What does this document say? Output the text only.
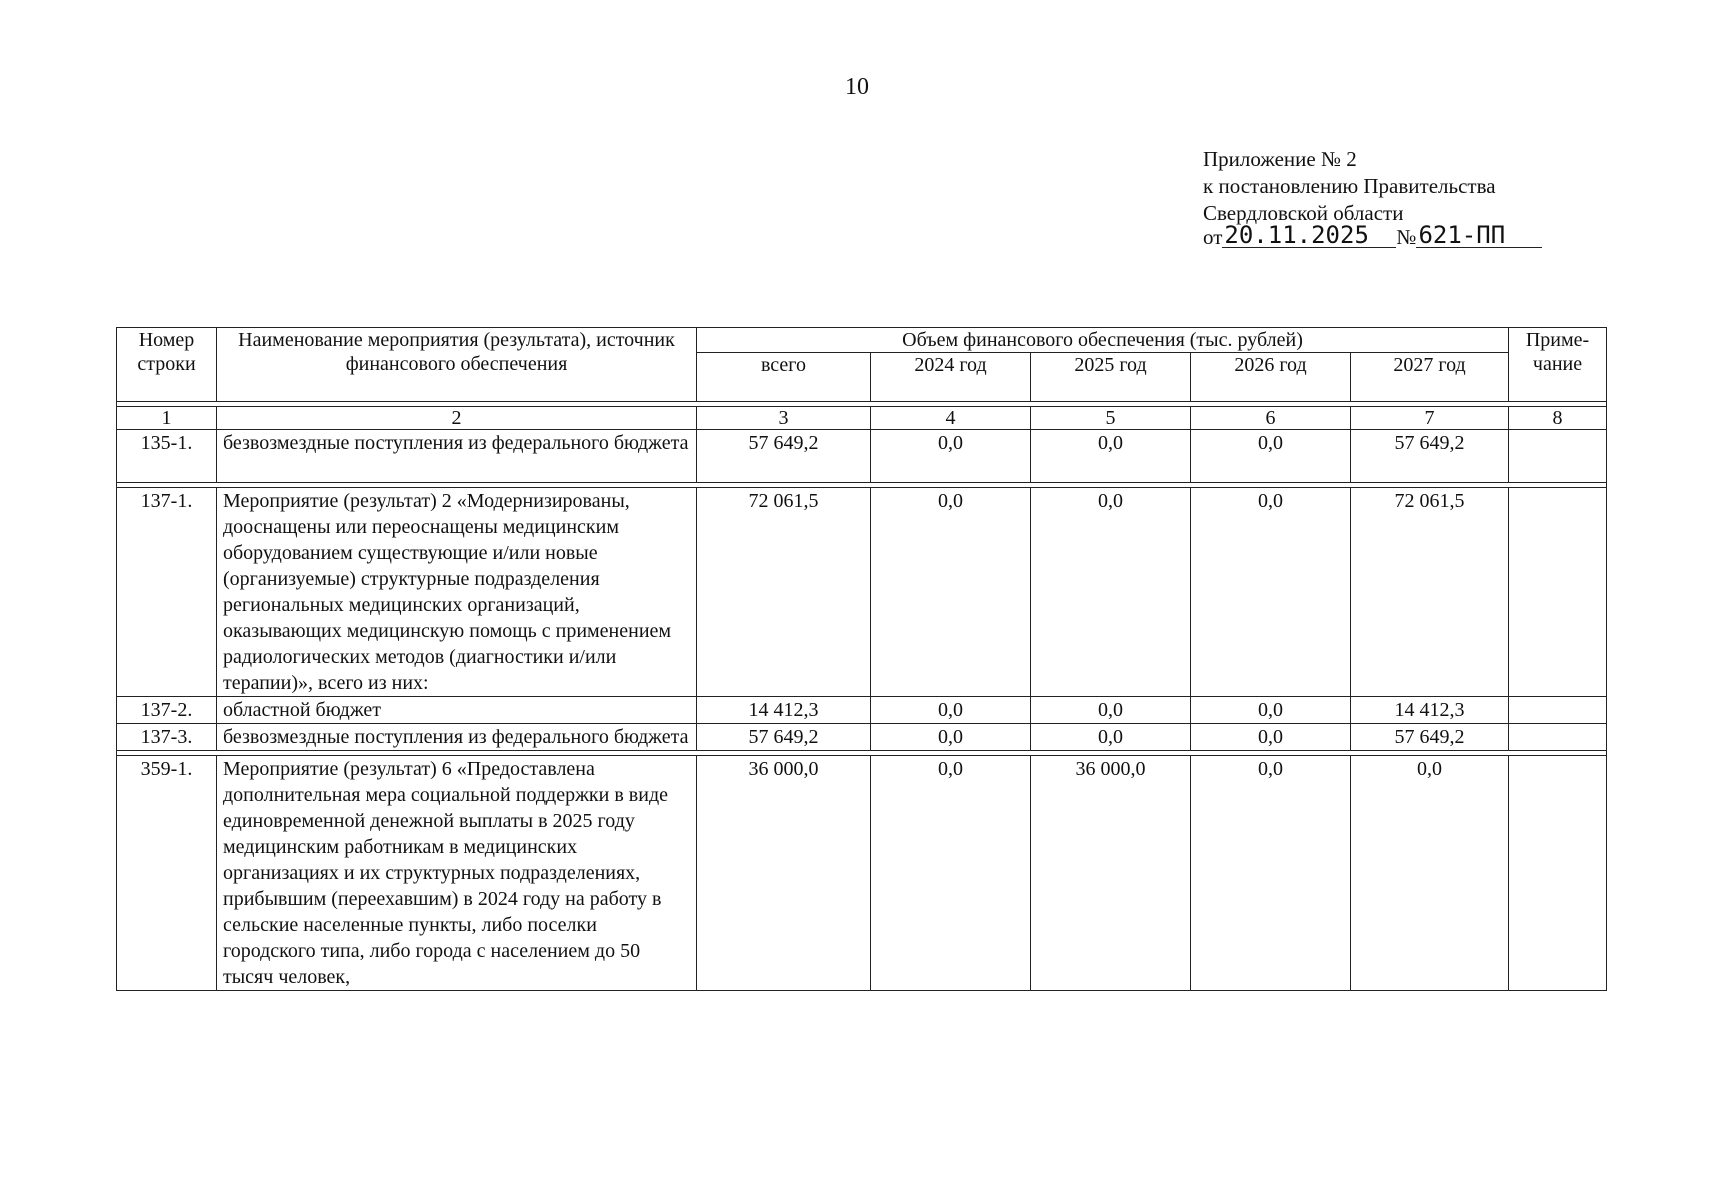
10
Приложение № 2
к постановлению Правительства
Свердловской области
от 20.11.2025	№ 621-ПП
Номер строки	Наименование мероприятия (результата), источник финансового обеспечения	Объем финансового обеспечения (тыс. рублей)					Приме-чание
		всего	2024 год	2025 год	2026 год	2027 год	

1	2	3	4	5	6	7	8
135-1.	безвозмездные поступления из федерального бюджета	57 649,2	0,0	0,0	0,0	57 649,2	

137-1.	Мероприятие (результат) 2 «Модернизированы, дооснащены или переоснащены медицинским оборудованием существующие и/или новые (организуемые) структурные подразделения региональных медицинских организаций, оказывающих медицинскую помощь с применением радиологических методов (диагностики и/или терапии)», всего из них:	72 061,5	0,0	0,0	0,0	72 061,5	
137-2.	областной бюджет	14 412,3	0,0	0,0	0,0	14 412,3	
137-3.	безвозмездные поступления из федерального бюджета	57 649,2	0,0	0,0	0,0	57 649,2	

359-1.	Мероприятие (результат) 6 «Предоставлена дополнительная мера социальной поддержки в виде единовременной денежной выплаты в 2025 году медицинским работникам в медицинских организациях и их структурных подразделениях, прибывшим (переехавшим) в 2024 году на работу в сельские населенные пункты, либо поселки городского типа, либо города с населением до 50 тысяч человек,	36 000,0	0,0	36 000,0	0,0	0,0	
